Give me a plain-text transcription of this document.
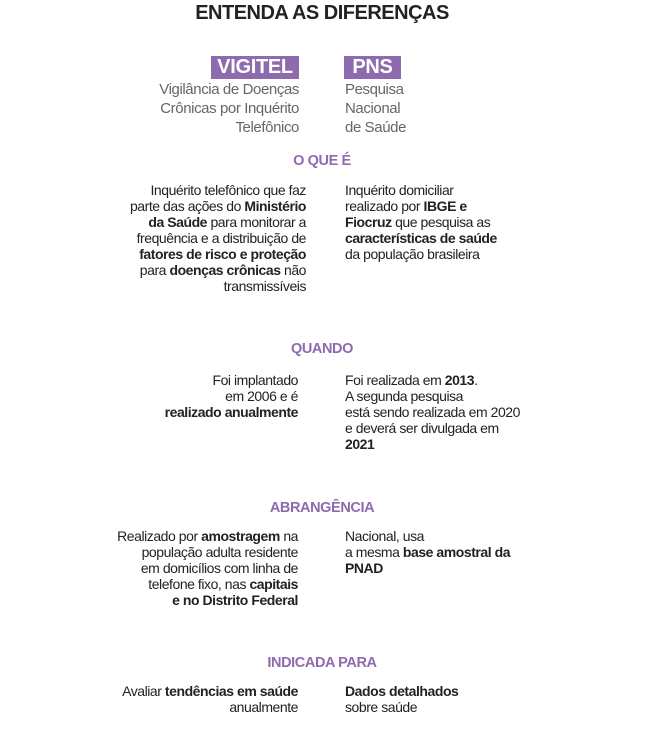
ENTENDA AS DIFERENÇAS
VIGITEL	PNS
Vigilância de Doenças
Crônicas por Inquérito
Telefônico
Pesquisa
Nacional
de Saúde
O QUE É
Inquérito telefônico que faz
parte das ações do Ministério
da Saúde para monitorar a
frequência e a distribuição de
fatores de risco e proteção
para doenças crônicas não
transmissíveis
Inquérito domiciliar
realizado por IBGE e
Fiocruz que pesquisa as
características de saúde
da população brasileira
QUANDO
Foi implantado
em 2006 e é
realizado anualmente
Foi realizada em 2013.
A segunda pesquisa
está sendo realizada em 2020
e deverá ser divulgada em
2021
ABRANGÊNCIA
Realizado por amostragem na
população adulta residente
em domicílios com linha de
telefone fixo, nas capitais
e no Distrito Federal
Nacional, usa
a mesma base amostral da
PNAD
INDICADA PARA
Avaliar tendências em saúde
anualmente
Dados detalhados
sobre saúde
